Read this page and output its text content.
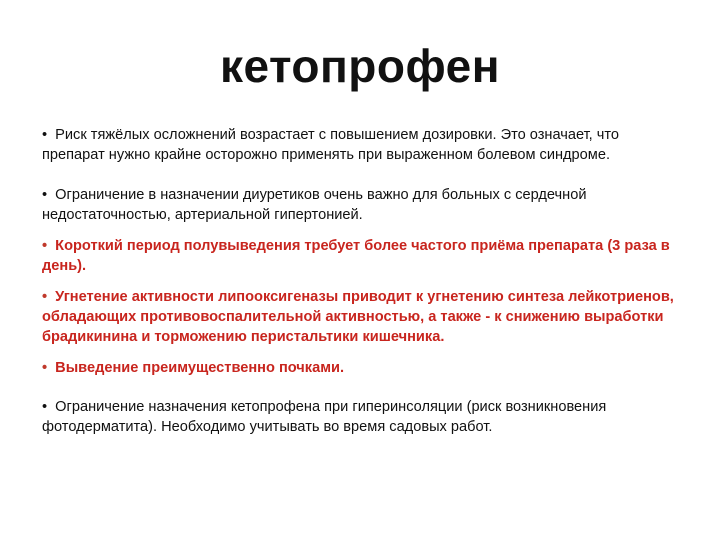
кетопрофен
• Риск тяжёлых осложнений возрастает с повышением дозировки. Это означает, что препарат нужно крайне осторожно применять при выраженном болевом синдроме.
• Ограничение в назначении диуретиков очень важно для больных с сердечной недостаточностью, артериальной гипертонией.
• Короткий период полувыведения требует более частого приёма препарата (3 раза в день).
• Угнетение активности липооксигеназы приводит к угнетению синтеза лейкотриенов, обладающих противовоспалительной активностью, а также - к снижению выработки брадикинина и торможению перистальтики кишечника.
• Выведение преимущественно почками.
• Ограничение назначения кетопрофена при гиперинсоляции (риск возникновения фотодерматита). Необходимо учитывать во время садовых работ.
